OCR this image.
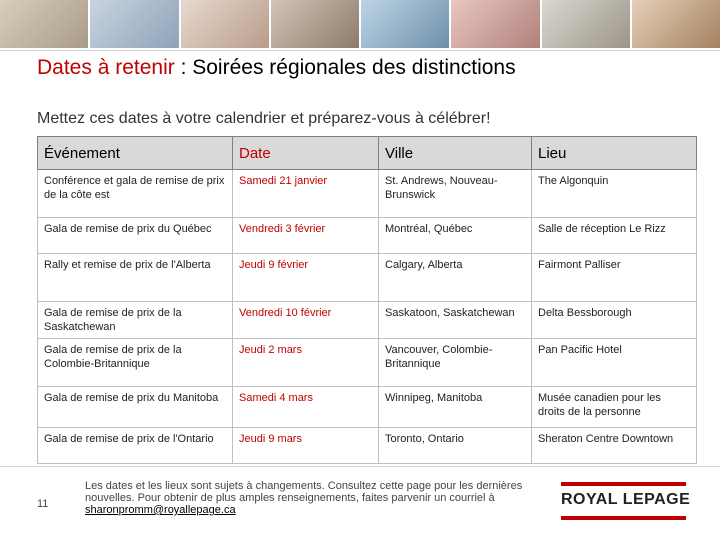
Dates à retenir : Soirées régionales des distinctions
Mettez ces dates à votre calendrier et préparez-vous à célébrer!
Événement	Date	Ville	Lieu
Conférence et gala de remise de prix de la côte est	Samedi 21 janvier	St. Andrews, Nouveau-Brunswick	The Algonquin
Gala de remise de prix du Québec	Vendredi 3 février	Montréal, Québec	Salle de réception Le Rizz
Rally et remise de prix de l'Alberta	Jeudi 9 février	Calgary, Alberta	Fairmont Palliser
Gala de remise de prix de la Saskatchewan	Vendredi 10 février	Saskatoon, Saskatchewan	Delta Bessborough
Gala de remise de prix de la Colombie-Britannique	Jeudi 2 mars	Vancouver, Colombie-Britannique	Pan Pacific Hotel
Gala de remise de prix du Manitoba	Samedi 4 mars	Winnipeg, Manitoba	Musée canadien pour les droits de la personne
Gala de remise de prix de l'Ontario	Jeudi 9 mars	Toronto, Ontario	Sheraton Centre Downtown
11
Les dates et les lieux sont sujets à changements. Consultez cette page pour les dernières nouvelles. Pour obtenir de plus amples renseignements, faites parvenir un courriel à sharonpromm@royallepage.ca
ROYAL LEPAGE
